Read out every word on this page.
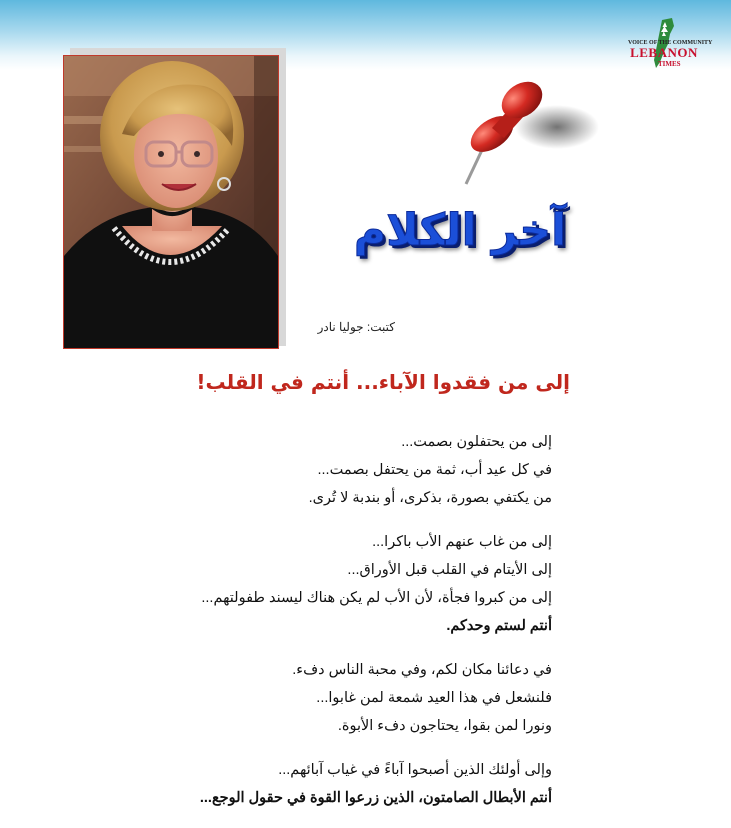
VOICE OF THE COMMUNITY
LEBANON
TIMES
آخر الكلام
كتبت: جوليا نادر
إلى من فقدوا الآباء... أنتم في القلب!
إلى من يحتفلون بصمت...
في كل عيد أب، ثمة من يحتفل بصمت...
من يكتفي بصورة، بذكرى، أو بندبة لا تُرى.
إلى من غاب عنهم الأب باكرا...
إلى الأيتام في القلب قبل الأوراق...
إلى من كبروا فجأة، لأن الأب لم يكن هناك ليسند طفولتهم...
أنتم لستم وحدكم.
في دعائنا مكان لكم، وفي محبة الناس دفء.
فلنشعل في هذا العيد شمعة لمن غابوا...
ونورا لمن بقوا، يحتاجون دفء الأبوة.
وإلى أولئك الذين أصبحوا آباءً في غياب آبائهم...
أنتم الأبطال الصامتون، الذين زرعوا القوة في حقول الوجع...
